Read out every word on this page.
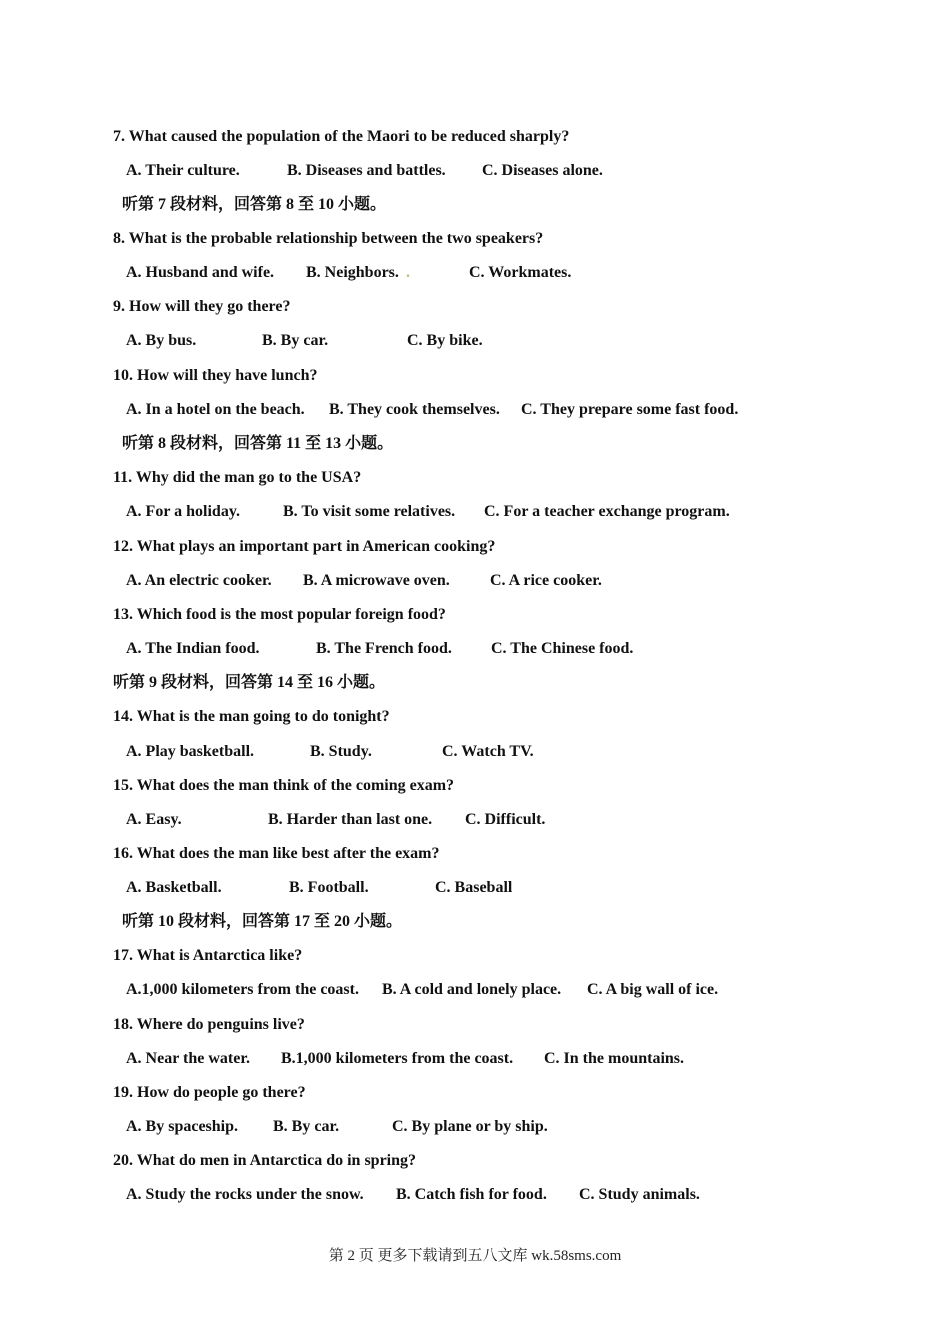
7. What caused the population of the Maori to be reduced sharply?
A. Their culture.	B. Diseases and battles. C. Diseases alone.
听第 7 段材料，回答第 8 至 10 小题。
8. What is the probable relationship between the two speakers?
A. Husband and wife. B. Neighbors. .	C. Workmates.
9. How will they go there?
A. By bus.	B. By car.	C. By bike.
10. How will they have lunch?
A. In a hotel on the beach. B. They cook themselves. C. They prepare some fast food.
听第 8 段材料，回答第 11 至 13 小题。
11. Why did the man go to the USA?
A. For a holiday.	B. To visit some relatives. C. For a teacher exchange program.
12. What plays an important part in American cooking?
A. An electric cooker. B. A microwave oven.	C. A rice cooker.
13. Which food is the most popular foreign food?
A. The Indian food.	B. The French food. C. The Chinese food.
听第 9 段材料，回答第 14 至 16 小题。
14. What is the man going to do tonight?
A. Play basketball.	B. Study.	C. Watch TV.
15. What does the man think of the coming exam?
A. Easy.	B. Harder than last one. C. Difficult.
16. What does the man like best after the exam?
A. Basketball.	B. Football.	C. Baseball
听第 10 段材料，回答第 17 至 20 小题。
17. What is Antarctica like?
A.1,000 kilometers from the coast. B. A cold and lonely place. C. A big wall of ice.
18. Where do penguins live?
A. Near the water. B.1,000 kilometers from the coast. C. In the mountains.
19. How do people go there?
A. By spaceship. B. By car.	C. By plane or by ship.
20. What do men in Antarctica do in spring?
A. Study the rocks under the snow. B. Catch fish for food. C. Study animals.
第 2 页 更多下载请到五八文库 wk.58sms.com
